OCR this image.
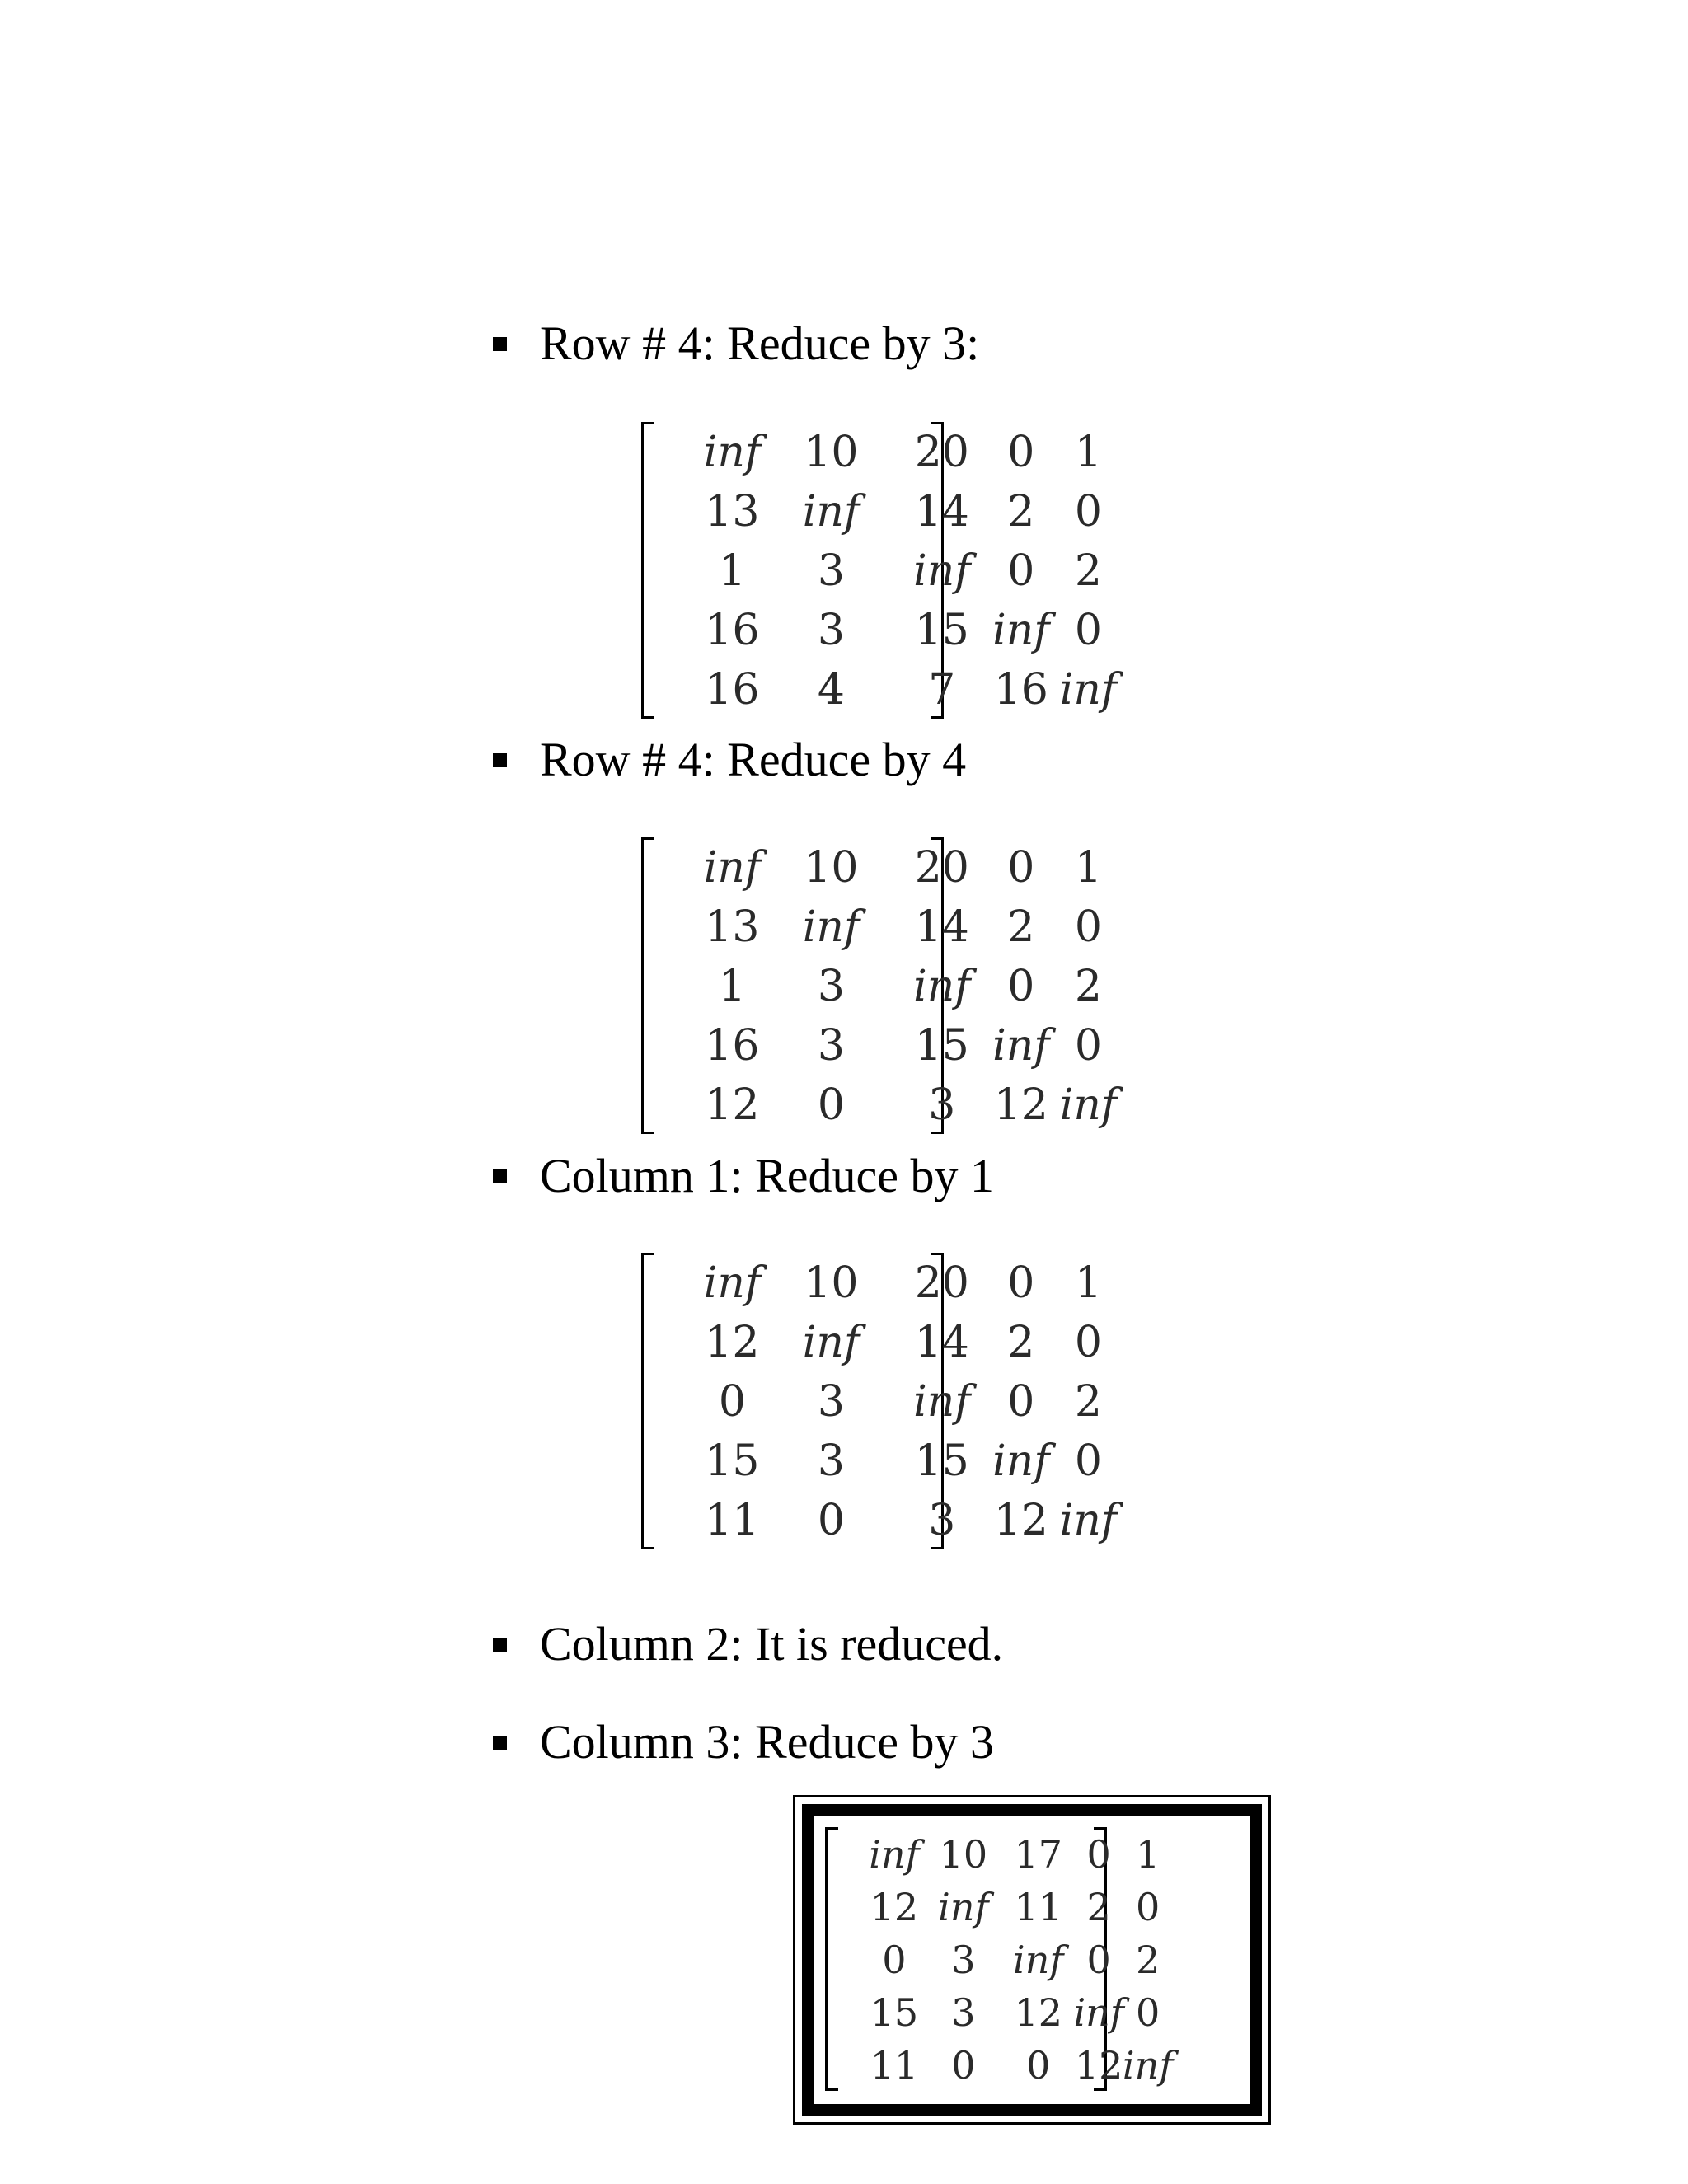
Row # 4: Reduce by 3:
inf 10 20 0 1
13 inf 14 2 0
1 3 inf 0 2
16 3 15 inf 0
16 4 7 16 inf
Row # 4: Reduce by 4
inf 10 20 0 1
13 inf 14 2 0
1 3 inf 0 2
16 3 15 inf 0
12 0 3 12 inf
Column 1: Reduce by 1
inf 10 20 0 1
12 inf 14 2 0
0 3 inf 0 2
15 3 15 inf 0
11 0 3 12 inf
Column 2: It is reduced.
Column 3: Reduce by 3
inf 10 17 0 1
12 inf 11 2 0
0 3 inf 0 2
15 3 12 inf 0
11 0 0 12 inf
